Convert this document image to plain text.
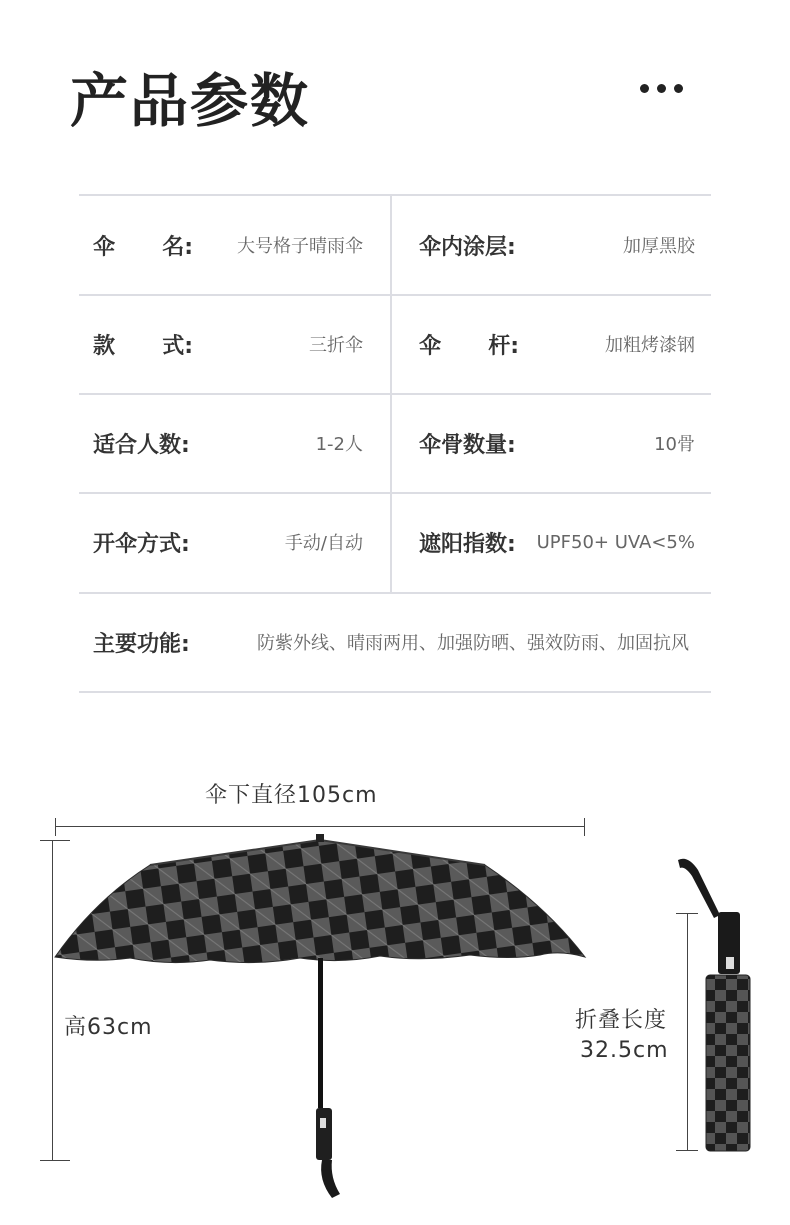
产品参数
伞 名: 大号格子晴雨伞	伞内涂层:	加厚黑胶
款 式:	三折伞	伞 杆:	加粗烤漆钢
适合人数:	1-2人	伞骨数量:	10骨
开伞方式:	手动/自动	遮阳指数: UPF50+ UVA<5%
主要功能:	防紫外线、晴雨两用、加强防晒、强效防雨、加固抗风
伞下直径105cm
高63cm	折叠长度
32.5cm
